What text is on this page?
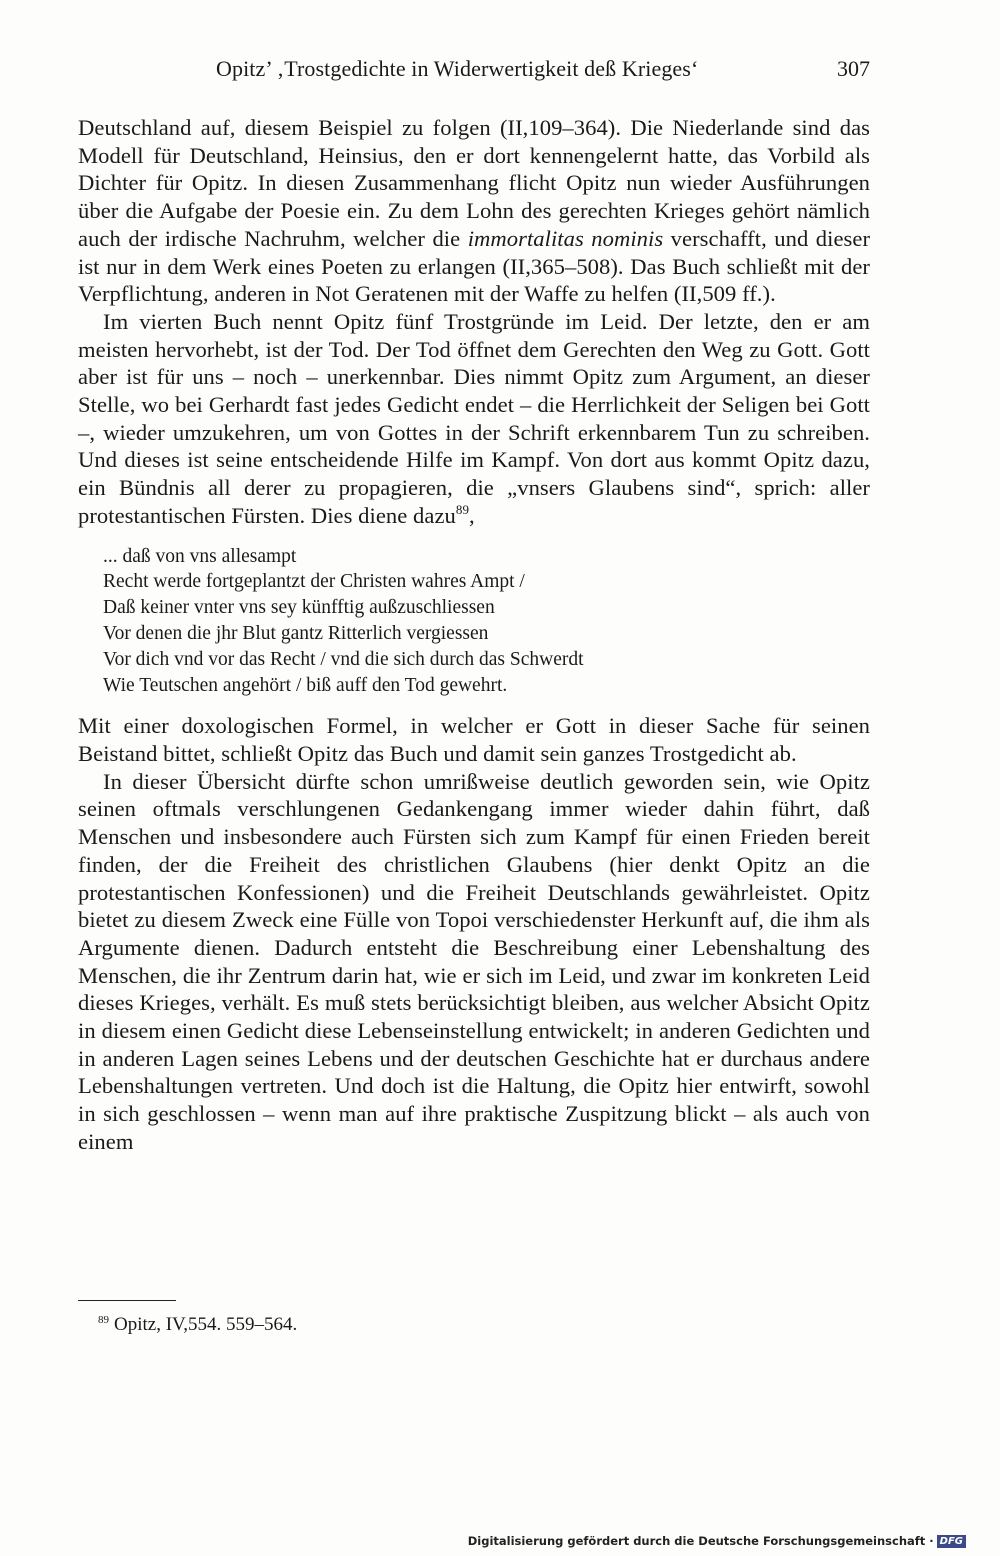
Opitz’ ‚Trostgedichte in Widerwertigkeit deß Krieges‘	307

Deutschland auf, diesem Beispiel zu folgen (II,109–364). Die Niederlande sind das Modell für Deutschland, Heinsius, den er dort kennengelernt hatte, das Vorbild als Dichter für Opitz. In diesen Zusammenhang flicht Opitz nun wieder Ausführungen über die Aufgabe der Poesie ein. Zu dem Lohn des gerechten Krieges gehört nämlich auch der irdische Nachruhm, welcher die immortalitas nominis verschafft, und dieser ist nur in dem Werk eines Poeten zu erlangen (II,365–508). Das Buch schließt mit der Verpflichtung, anderen in Not Geratenen mit der Waffe zu helfen (II,509 ff.).

Im vierten Buch nennt Opitz fünf Trostgründe im Leid. Der letzte, den er am meisten hervorhebt, ist der Tod. Der Tod öffnet dem Gerechten den Weg zu Gott. Gott aber ist für uns – noch – unerkennbar. Dies nimmt Opitz zum Argument, an dieser Stelle, wo bei Gerhardt fast jedes Gedicht endet – die Herrlichkeit der Seligen bei Gott –, wieder umzukehren, um von Gottes in der Schrift erkennbarem Tun zu schreiben. Und dieses ist seine entscheidende Hilfe im Kampf. Von dort aus kommt Opitz dazu, ein Bündnis all derer zu propagieren, die „vnsers Glaubens sind“, sprich: aller protestantischen Fürsten. Dies diene dazu$^{89}$,

... daß von vns allesampt
Recht werde fortgeplantzt der Christen wahres Ampt /
Daß keiner vnter vns sey künfftig außzuschliessen
Vor denen die jhr Blut gantz Ritterlich vergiessen
Vor dich vnd vor das Recht / vnd die sich durch das Schwerdt
Wie Teutschen angehört / biß auff den Tod gewehrt.

Mit einer doxologischen Formel, in welcher er Gott in dieser Sache für seinen Beistand bittet, schließt Opitz das Buch und damit sein ganzes Trostgedicht ab.

In dieser Übersicht dürfte schon umrißweise deutlich geworden sein, wie Opitz seinen oftmals verschlungenen Gedankengang immer wieder dahin führt, daß Menschen und insbesondere auch Fürsten sich zum Kampf für einen Frieden bereit finden, der die Freiheit des christlichen Glaubens (hier denkt Opitz an die protestantischen Konfessionen) und die Freiheit Deutschlands gewährleistet. Opitz bietet zu diesem Zweck eine Fülle von Topoi verschiedenster Herkunft auf, die ihm als Argumente dienen. Dadurch entsteht die Beschreibung einer Lebenshaltung des Menschen, die ihr Zentrum darin hat, wie er sich im Leid, und zwar im konkreten Leid dieses Krieges, verhält. Es muß stets berücksichtigt bleiben, aus welcher Absicht Opitz in diesem einen Gedicht diese Lebenseinstellung entwickelt; in anderen Gedichten und in anderen Lagen seines Lebens und der deutschen Geschichte hat er durchaus andere Lebenshaltungen vertreten. Und doch ist die Haltung, die Opitz hier entwirft, sowohl in sich geschlossen – wenn man auf ihre praktische Zuspitzung blickt – als auch von einem

$^{89}$ Opitz, IV,554. 559–564.
Digitalisierung gefördert durch die Deutsche Forschungsgemeinschaft · DFG
